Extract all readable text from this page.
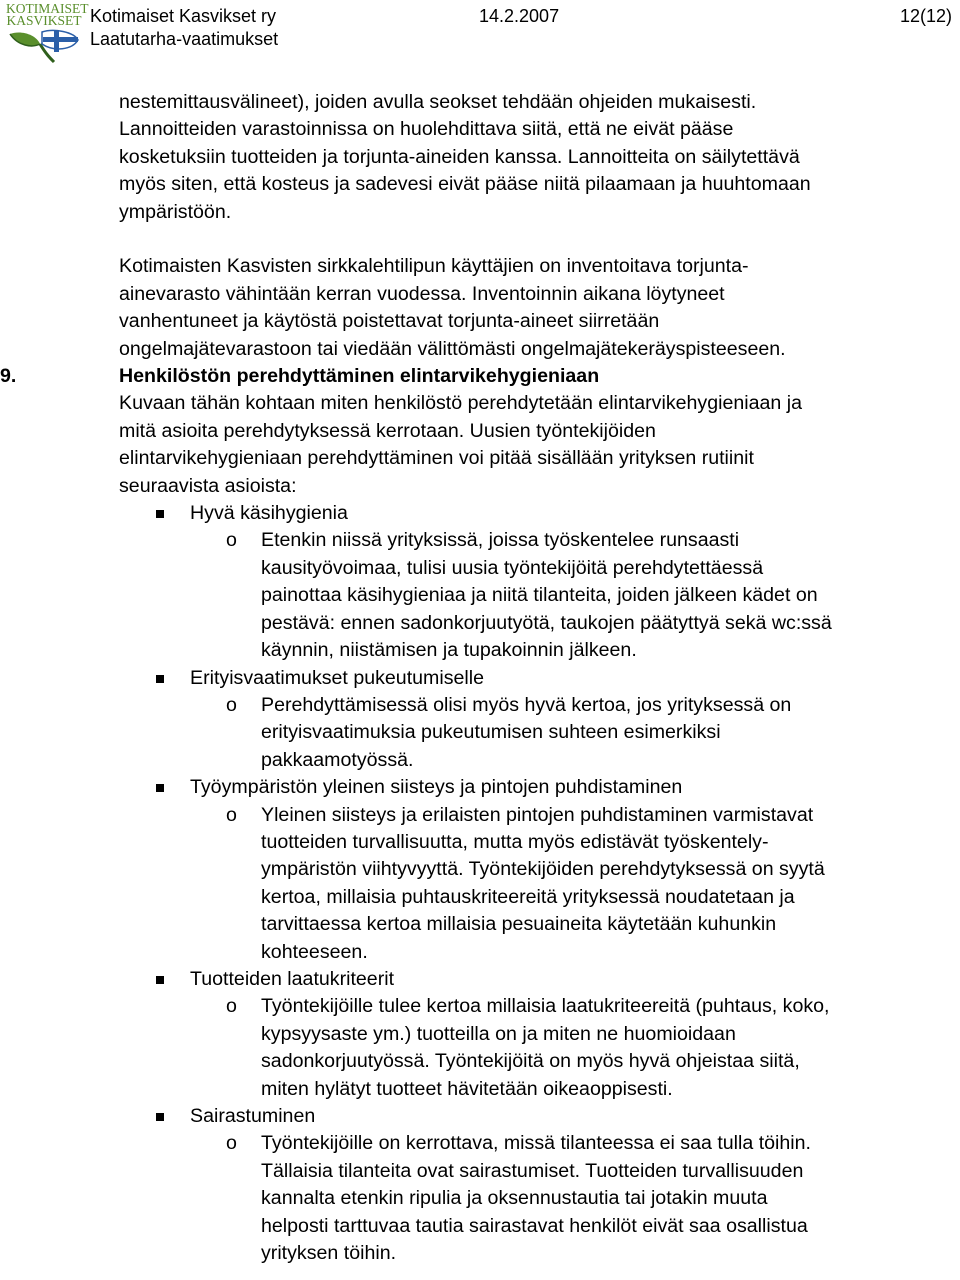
KOTIMAISET
KASVIKSET Kotimaiset Kasvikset ry
Laatutarha-vaatimukset
14.2.2007	12(12)

nestemittausvälineet), joiden avulla seokset tehdään ohjeiden mukaisesti.

Lannoitteiden varastoinnissa on huolehdittava siitä, että ne eivät pääse

kosketuksiin tuotteiden ja torjunta-aineiden kanssa. Lannoitteita on säilytettävä

myös siten, että kosteus ja sadevesi eivät pääse niitä pilaamaan ja huuhtomaan

ympäristöön.

Kotimaisten Kasvisten sirkkalehtilipun käyttäjien on inventoitava torjunta-

ainevarasto vähintään kerran vuodessa. Inventoinnin aikana löytyneet

vanhentuneet ja käytöstä poistettavat torjunta-aineet siirretään

ongelmajätevarastoon tai viedään välittömästi ongelmajätekeräyspisteeseen.

9.	Henkilöstön perehdyttäminen elintarvikehygieniaan

Kuvaan tähän kohtaan miten henkilöstö perehdytetään elintarvikehygieniaan ja

mitä asioita perehdytyksessä kerrotaan. Uusien työntekijöiden

elintarvikehygieniaan perehdyttäminen voi pitää sisällään yrityksen rutiinit

seuraavista asioista:

Hyvä käsihygienia
o Etenkin niissä yrityksissä, joissa työskentelee runsaasti

kausityövoimaa, tulisi uusia työntekijöitä perehdytettäessä

painottaa käsihygieniaa ja niitä tilanteita, joiden jälkeen kädet on

pestävä: ennen sadonkorjuutyötä, taukojen päätyttyä sekä wc:ssä

käynnin, niistämisen ja tupakoinnin jälkeen.

Erityisvaatimukset pukeutumiselle
o Perehdyttämisessä olisi myös hyvä kertoa, jos yrityksessä on

erityisvaatimuksia pukeutumisen suhteen esimerkiksi

pakkaamotyössä.

Työympäristön yleinen siisteys ja pintojen puhdistaminen
o Yleinen siisteys ja erilaisten pintojen puhdistaminen varmistavat

tuotteiden turvallisuutta, mutta myös edistävät työskentely-

ympäristön viihtyvyyttä. Työntekijöiden perehdytyksessä on syytä

kertoa, millaisia puhtauskriteereitä yrityksessä noudatetaan ja

tarvittaessa kertoa millaisia pesuaineita käytetään kuhunkin

kohteeseen.

Tuotteiden laatukriteerit
o Työntekijöille tulee kertoa millaisia laatukriteereitä (puhtaus, koko,

kypsyysaste ym.) tuotteilla on ja miten ne huomioidaan

sadonkorjuutyössä. Työntekijöitä on myös hyvä ohjeistaa siitä,

miten hylätyt tuotteet hävitetään oikeaoppisesti.

Sairastuminen
o Työntekijöille on kerrottava, missä tilanteessa ei saa tulla töihin.

Tällaisia tilanteita ovat sairastumiset. Tuotteiden turvallisuuden

kannalta etenkin ripulia ja oksennustautia tai jotakin muuta

helposti tarttuvaa tautia sairastavat henkilöt eivät saa osallistua

yrityksen töihin.
